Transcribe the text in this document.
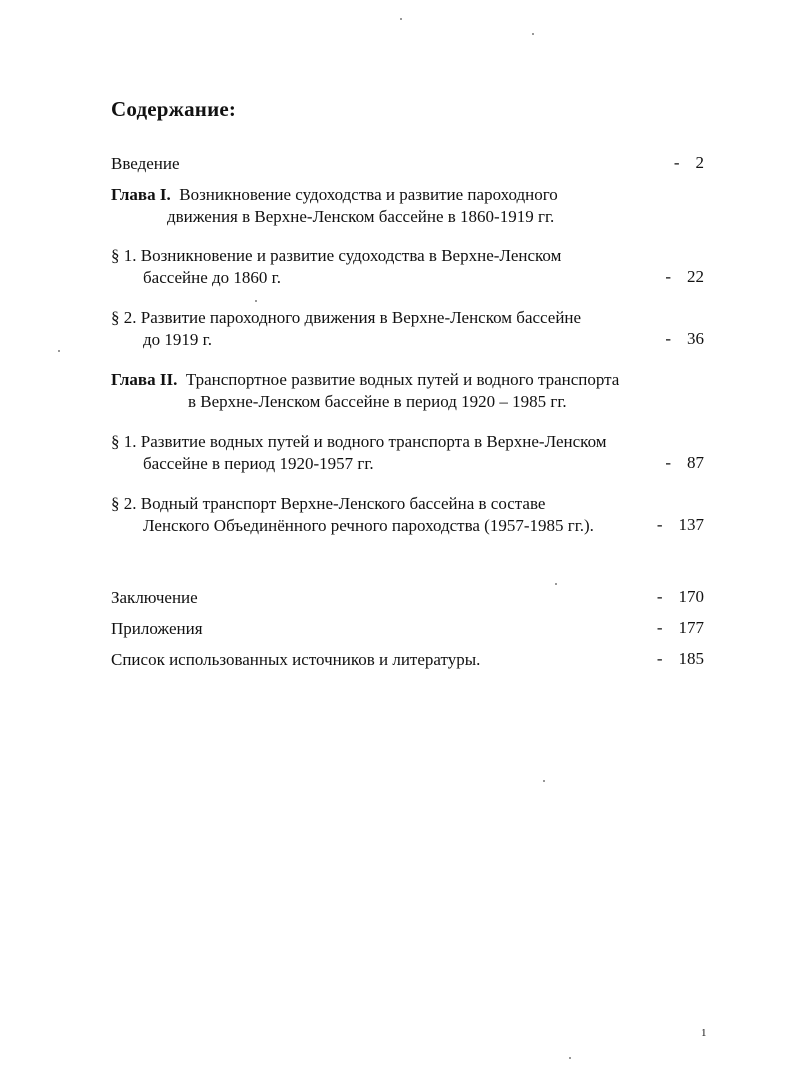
Содержание:
Введение	- 2
Глава I. Возникновение судоходства и развитие пароходного
движения в Верхне-Ленском бассейне в 1860-1919 гг.
§ 1. Возникновение и развитие судоходства в Верхне-Ленском
бассейне до 1860 г.	- 22
§ 2. Развитие пароходного движения в Верхне-Ленском бассейне
до 1919 г.	- 36
Глава II. Транспортное развитие водных путей и водного транспорта
в Верхне-Ленском бассейне в период 1920 – 1985 гг.
§ 1. Развитие водных путей и водного транспорта в Верхне-Ленском
бассейне в период 1920-1957 гг.	- 87
§ 2. Водный транспорт Верхне-Ленского бассейна в составе
Ленского Объединённого речного пароходства (1957-1985 гг.).	- 137
Заключение	- 170
Приложения	- 177
Список использованных источников и литературы.	- 185
1
